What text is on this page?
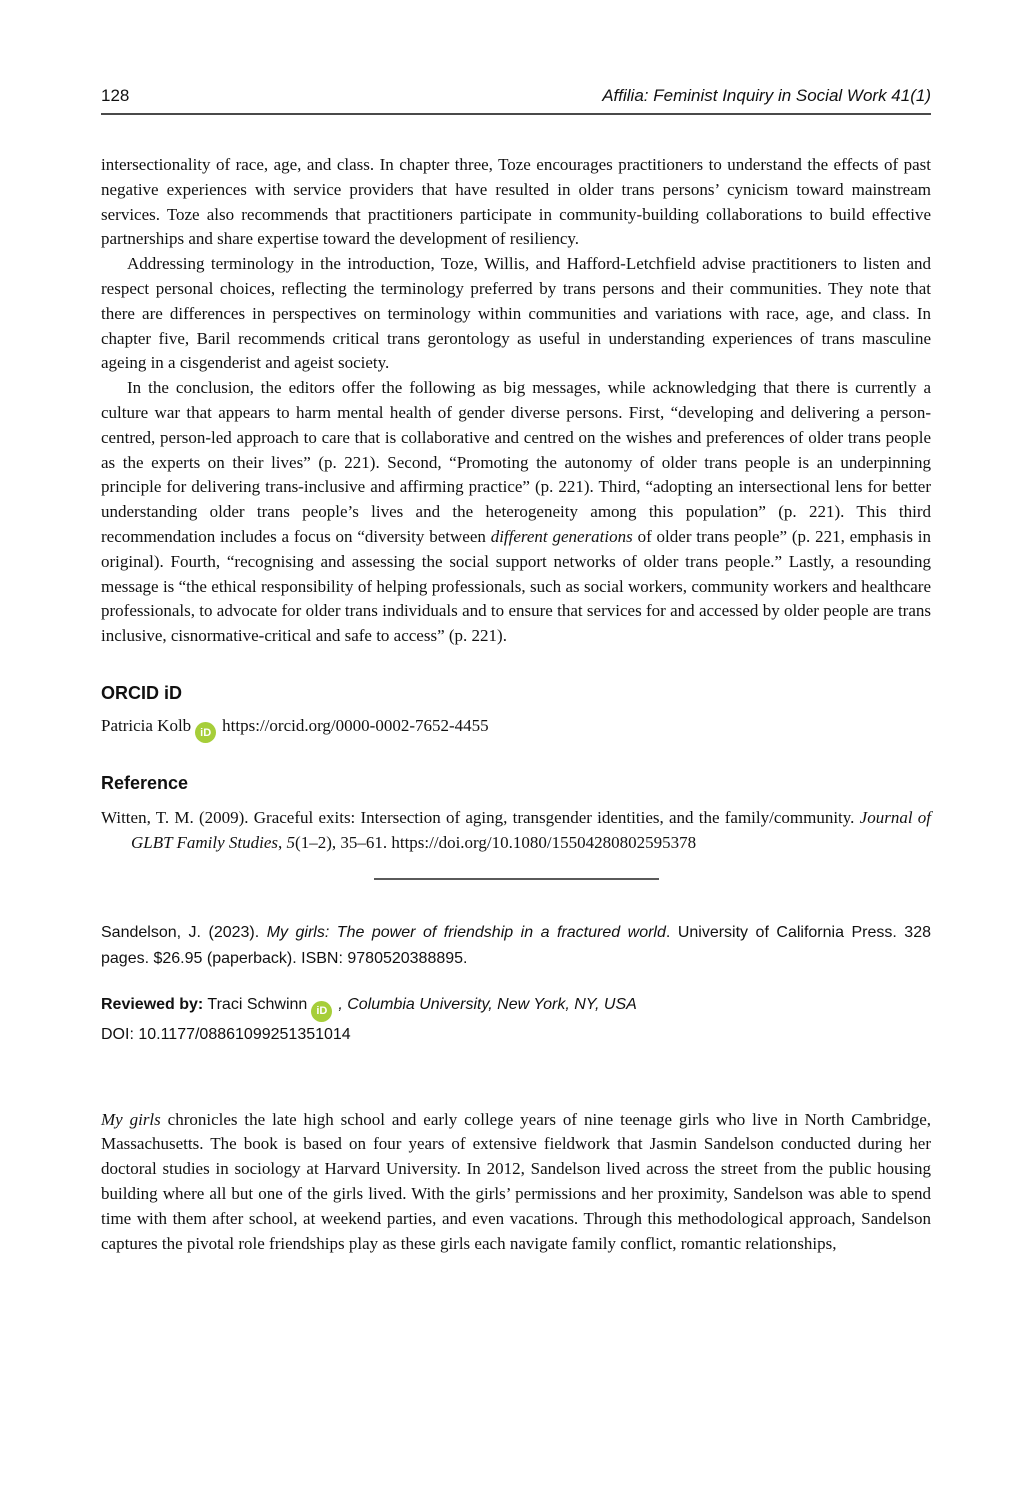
128	Affilia: Feminist Inquiry in Social Work 41(1)

intersectionality of race, age, and class. In chapter three, Toze encourages practitioners to understand the effects of past negative experiences with service providers that have resulted in older trans persons’ cynicism toward mainstream services. Toze also recommends that practitioners participate in community-building collaborations to build effective partnerships and share expertise toward the development of resiliency.

Addressing terminology in the introduction, Toze, Willis, and Hafford-Letchfield advise practitioners to listen and respect personal choices, reflecting the terminology preferred by trans persons and their communities. They note that there are differences in perspectives on terminology within communities and variations with race, age, and class. In chapter five, Baril recommends critical trans gerontology as useful in understanding experiences of trans masculine ageing in a cisgenderist and ageist society.

In the conclusion, the editors offer the following as big messages, while acknowledging that there is currently a culture war that appears to harm mental health of gender diverse persons. First, “developing and delivering a person-centred, person-led approach to care that is collaborative and centred on the wishes and preferences of older trans people as the experts on their lives” (p. 221). Second, “Promoting the autonomy of older trans people is an underpinning principle for delivering trans-inclusive and affirming practice” (p. 221). Third, “adopting an intersectional lens for better understanding older trans people’s lives and the heterogeneity among this population” (p. 221). This third recommendation includes a focus on “diversity between different generations of older trans people” (p. 221, emphasis in original). Fourth, “recognising and assessing the social support networks of older trans people.” Lastly, a resounding message is “the ethical responsibility of helping professionals, such as social workers, community workers and healthcare professionals, to advocate for older trans individuals and to ensure that services for and accessed by older people are trans inclusive, cisnormative-critical and safe to access” (p. 221).

ORCID iD

Patricia Kolb iD https://orcid.org/0000-0002-7652-4455

Reference

Witten, T. M. (2009). Graceful exits: Intersection of aging, transgender identities, and the family/community. Journal of GLBT Family Studies, 5(1–2), 35–61. https://doi.org/10.1080/15504280802595378

Sandelson, J. (2023). My girls: The power of friendship in a fractured world. University of California Press. 328 pages. $26.95 (paperback). ISBN: 9780520388895.

Reviewed by: Traci Schwinn iD , Columbia University, New York, NY, USA

DOI: 10.1177/08861099251351014

My girls chronicles the late high school and early college years of nine teenage girls who live in North Cambridge, Massachusetts. The book is based on four years of extensive fieldwork that Jasmin Sandelson conducted during her doctoral studies in sociology at Harvard University. In 2012, Sandelson lived across the street from the public housing building where all but one of the girls lived. With the girls’ permissions and her proximity, Sandelson was able to spend time with them after school, at weekend parties, and even vacations. Through this methodological approach, Sandelson captures the pivotal role friendships play as these girls each navigate family conflict, romantic relationships,
